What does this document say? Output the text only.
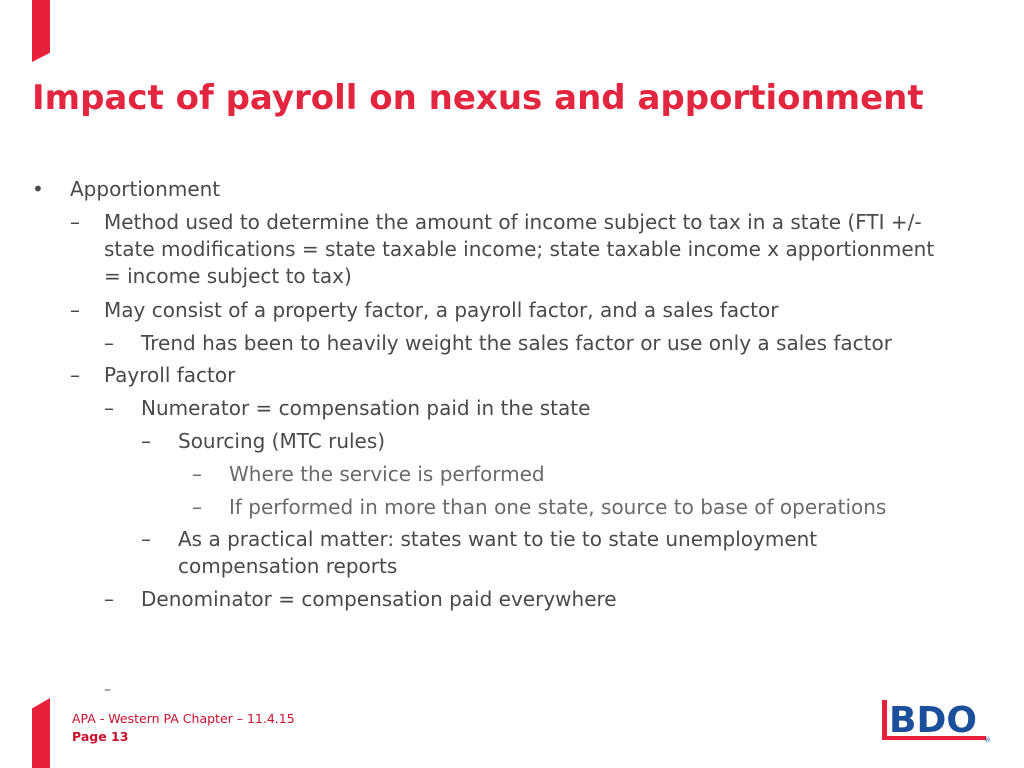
Impact of payroll on nexus and apportionment
• Apportionment
– Method used to determine the amount of income subject to tax in a state (FTI +/-
state modifications = state taxable income; state taxable income x apportionment
= income subject to tax)
– May consist of a property factor, a payroll factor, and a sales factor
– Trend has been to heavily weight the sales factor or use only a sales factor
– Payroll factor
– Numerator = compensation paid in the state
– Sourcing (MTC rules)
– Where the service is performed
– If performed in more than one state, source to base of operations
– As a practical matter: states want to tie to state unemployment
compensation reports
– Denominator = compensation paid everywhere
–
APA - Western PA Chapter – 11.4.15
Page 13	BDO ®
